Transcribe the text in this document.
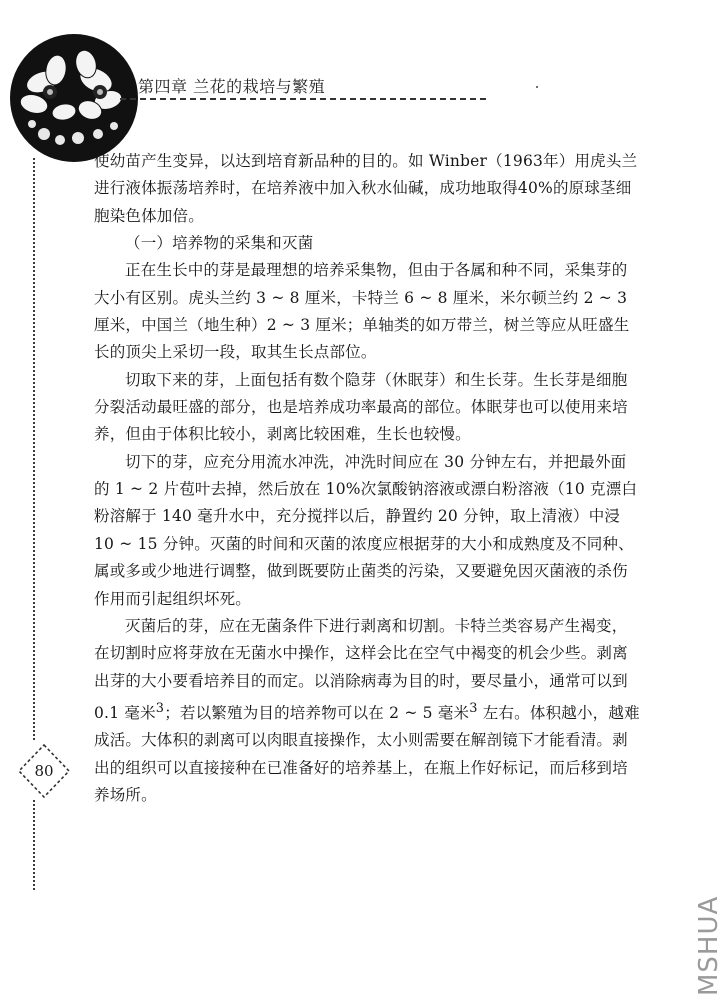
第四章 兰花的栽培与繁殖
80

使幼苗产生变异，以达到培育新品种的目的。如 Winber（1963年）用虎头兰进行液体振荡培养时，在培养液中加入秋水仙碱，成功地取得40%的原球茎细胞染色体加倍。

（一）培养物的采集和灭菌

正在生长中的芽是最理想的培养采集物，但由于各属和种不同，采集芽的大小有区别。虎头兰约 3 ~ 8 厘米，卡特兰 6 ~ 8 厘米，米尔顿兰约 2 ~ 3 厘米，中国兰（地生种）2 ~ 3 厘米；单轴类的如万带兰，树兰等应从旺盛生长的顶尖上采切一段，取其生长点部位。

切取下来的芽，上面包括有数个隐芽（休眠芽）和生长芽。生长芽是细胞分裂活动最旺盛的部分，也是培养成功率最高的部位。体眠芽也可以使用来培养，但由于体积比较小，剥离比较困难，生长也较慢。

切下的芽，应充分用流水冲洗，冲洗时间应在 30 分钟左右，并把最外面的 1 ~ 2 片苞叶去掉，然后放在 10%次氯酸钠溶液或漂白粉溶液（10 克漂白粉溶解于 140 毫升水中，充分搅拌以后，静置约 20 分钟，取上清液）中浸 10 ~ 15 分钟。灭菌的时间和灭菌的浓度应根据芽的大小和成熟度及不同种、属或多或少地进行调整，做到既要防止菌类的污染，又要避免因灭菌液的杀伤作用而引起组织坏死。

灭菌后的芽，应在无菌条件下进行剥离和切割。卡特兰类容易产生褐变，在切割时应将芽放在无菌水中操作，这样会比在空气中褐变的机会少些。剥离出芽的大小要看培养目的而定。以消除病毒为目的时，要尽量小，通常可以到 0.1 毫米$^3$；若以繁殖为目的培养物可以在 2 ~ 5 毫米$^3$ 左右。体积越小，越难成活。大体积的剥离可以肉眼直接操作，太小则需要在解剖镜下才能看清。剥出的组织可以直接接种在已准备好的培养基上，在瓶上作好标记，而后移到培养场所。

MSHUA
